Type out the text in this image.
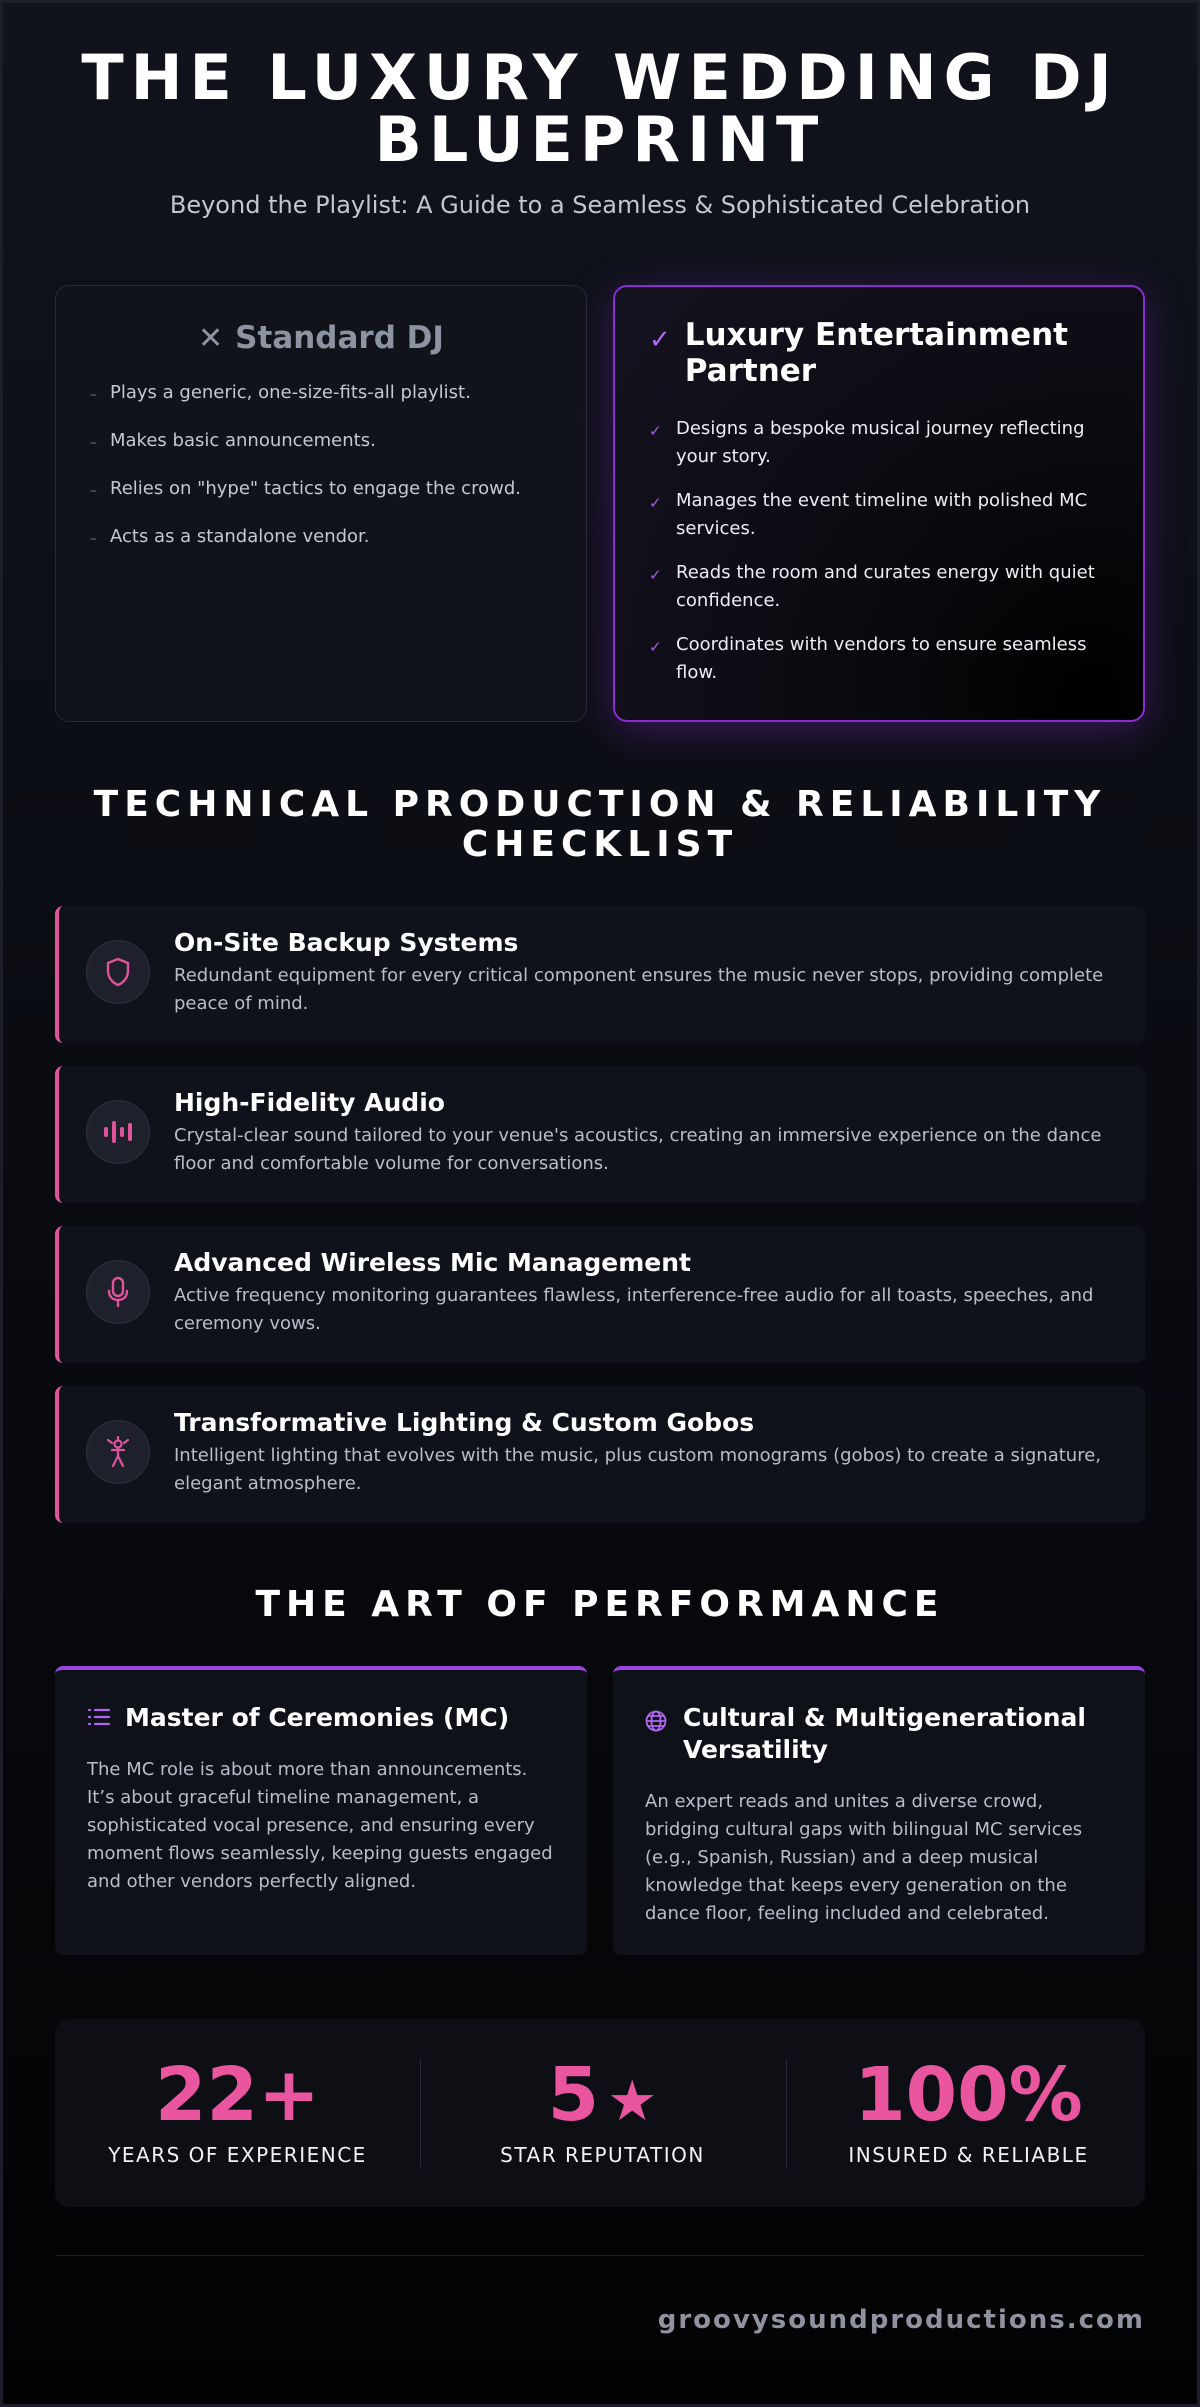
THE LUXURY WEDDING DJ
BLUEPRINT
Beyond the Playlist: A Guide to a Seamless & Sophisticated Celebration
✕ Standard DJ
– Plays a generic, one-size-fits-all playlist.
– Makes basic announcements.
– Relies on "hype" tactics to engage the crowd.
– Acts as a standalone vendor.
✓ Luxury Entertainment
Partner
✓ Designs a bespoke musical journey reflecting your story.
✓ Manages the event timeline with polished MC services.
✓ Reads the room and curates energy with quiet confidence.
✓ Coordinates with vendors to ensure seamless flow.
TECHNICAL PRODUCTION & RELIABILITY
CHECKLIST
On-Site Backup Systems
Redundant equipment for every critical component ensures the music never stops, providing complete peace of mind.
High-Fidelity Audio
Crystal-clear sound tailored to your venue's acoustics, creating an immersive experience on the dance floor and comfortable volume for conversations.
Advanced Wireless Mic Management
Active frequency monitoring guarantees flawless, interference-free audio for all toasts, speeches, and ceremony vows.
Transformative Lighting & Custom Gobos
Intelligent lighting that evolves with the music, plus custom monograms (gobos) to create a signature, elegant atmosphere.
THE ART OF PERFORMANCE
Master of Ceremonies (MC)
The MC role is about more than announcements. It’s about graceful timeline management, a sophisticated vocal presence, and ensuring every moment flows seamlessly, keeping guests engaged and other vendors perfectly aligned.
Cultural & Multigenerational
Versatility
An expert reads and unites a diverse crowd, bridging cultural gaps with bilingual MC services (e.g., Spanish, Russian) and a deep musical knowledge that keeps every generation on the dance floor, feeling included and celebrated.
22+
YEARS OF EXPERIENCE
5 ★
STAR REPUTATION
100%
INSURED & RELIABLE
groovysoundproductions.com
